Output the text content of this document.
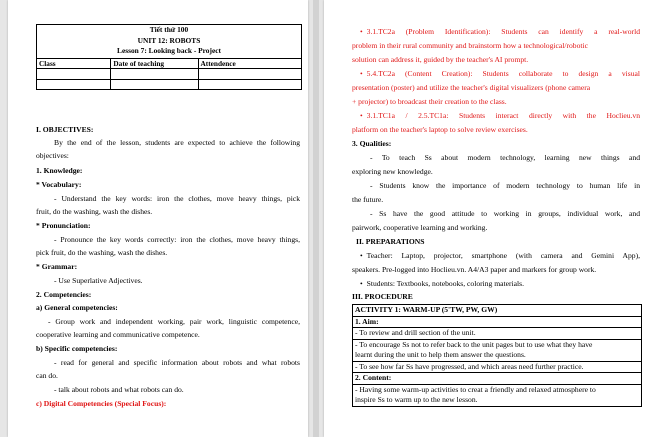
Tiết thứ 100
UNIT 12: ROBOTS
Lesson 7: Looking back - Project
Class	Date of teaching	Attendence

I. OBJECTIVES:
By the end of the lesson, students are expected to achieve the following
objectives:
1. Knowledge:
* Vocabulary:
- Understand the key words: iron the clothes, move heavy things, pick
fruit, do the washing, wash the dishes.
* Pronunciation:
- Pronounce the key words correctly: iron the clothes, move heavy things,
pick fruit, do the washing, wash the dishes.
* Grammar:
- Use Superlative Adjectives.
2. Competencies:
a) General competencies:
- Group work and independent working, pair work, linguistic competence,
cooperative learning and communicative competence.
b) Specific competencies:
- read for general and specific information about robots and what robots
can do.
- talk about robots and what robots can do.
c) Digital Competencies (Special Focus):
• 3.1.TC2a (Problem Identification): Students can identify a real-world
problem in their rural community and brainstorm how a technological/robotic
solution can address it, guided by the teacher's AI prompt.
• 5.4.TC2a (Content Creation): Students collaborate to design a visual
presentation (poster) and utilize the teacher's digital visualizers (phone camera
+ projector) to broadcast their creation to the class.
• 3.1.TC1a / 2.5.TC1a: Students interact directly with the Hoclieu.vn
platform on the teacher's laptop to solve review exercises.
3. Qualities:
- To teach Ss about modern technology, learning new things and
exploring new knowledge.
- Students know the importance of modern technology to human life in
the future.
- Ss have the good attitude to working in groups, individual work, and
pairwork, cooperative learning and working.
II. PREPARATIONS
• Teacher: Laptop, projector, smartphone (with camera and Gemini App),
speakers. Pre-logged into Hoclieu.vn. A4/A3 paper and markers for group work.
• Students: Textbooks, notebooks, coloring materials.
III. PROCEDURE
ACTIVITY 1: WARM-UP (5'TW, PW, GW)
1. Aim:
- To review and drill section of the unit.
- To encourage Ss not to refer back to the unit pages but to use what they have
learnt during the unit to help them answer the questions.
- To see how far Ss have progressed, and which areas need further practice.
2. Content:
- Having some warm-up activities to creat a friendly and relaxed atmosphere to
inspire Ss to warm up to the new lesson.
